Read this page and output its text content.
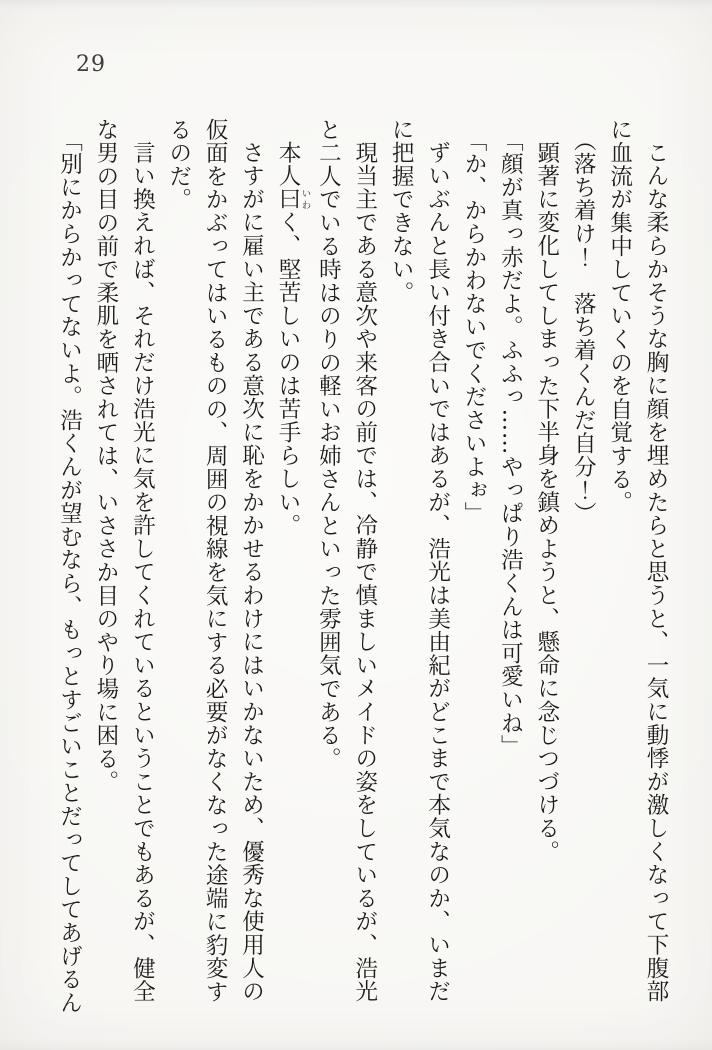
29

こんな柔らかそうな胸に顔を埋めたらと思うと、一気に動悸が激しくなって下腹部

に血流が集中していくのを自覚する。

（落ち着け！　落ち着くんだ自分！）

顕著に変化してしまった下半身を鎮めようと、懸命に念じつづける。

「顔が真っ赤だよ。ふふっ……やっぱり浩くんは可愛いね」

「か、からかわないでくださいよぉ」

ずいぶんと長い付き合いではあるが、浩光は美由紀がどこまで本気なのか、いまだ

に把握できない。

現当主である意次や来客の前では、冷静で慎ましいメイドの姿をしているが、浩光

と二人でいる時はのりの軽いお姉さんといった雰囲気である。

本人曰いわく、堅苦しいのは苦手らしい。

さすがに雇い主である意次に恥をかかせるわけにはいかないため、優秀な使用人の

仮面をかぶってはいるものの、周囲の視線を気にする必要がなくなった途端に豹変す

るのだ。

言い換えれば、それだけ浩光に気を許してくれているということでもあるが、健全

な男の目の前で柔肌を晒されては、いささか目のやり場に困る。

「別にからかってないよ。浩くんが望むなら、もっとすごいことだってしてあげるん
